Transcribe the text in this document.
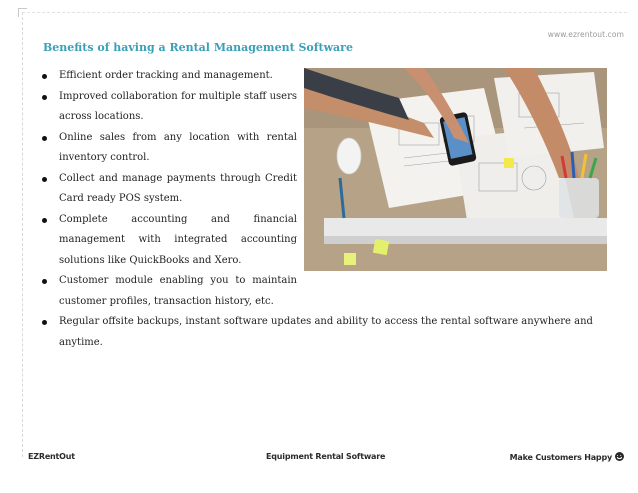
www.ezrentout.com
Benefits of having a Rental Management Software
Efficient order tracking and management.
Improved collaboration for multiple staff users across locations.
Online sales from any location with rental inventory control.
Collect and manage payments through Credit Card ready POS system.
Complete accounting and financial management with integrated accounting solutions like QuickBooks and Xero.
Customer module enabling you to maintain customer profiles, transaction history, etc.
Regular offsite backups, instant software updates and ability to access the rental software anywhere and anytime.
EZRentOut	Equipment Rental Software	Make Customers Happy
